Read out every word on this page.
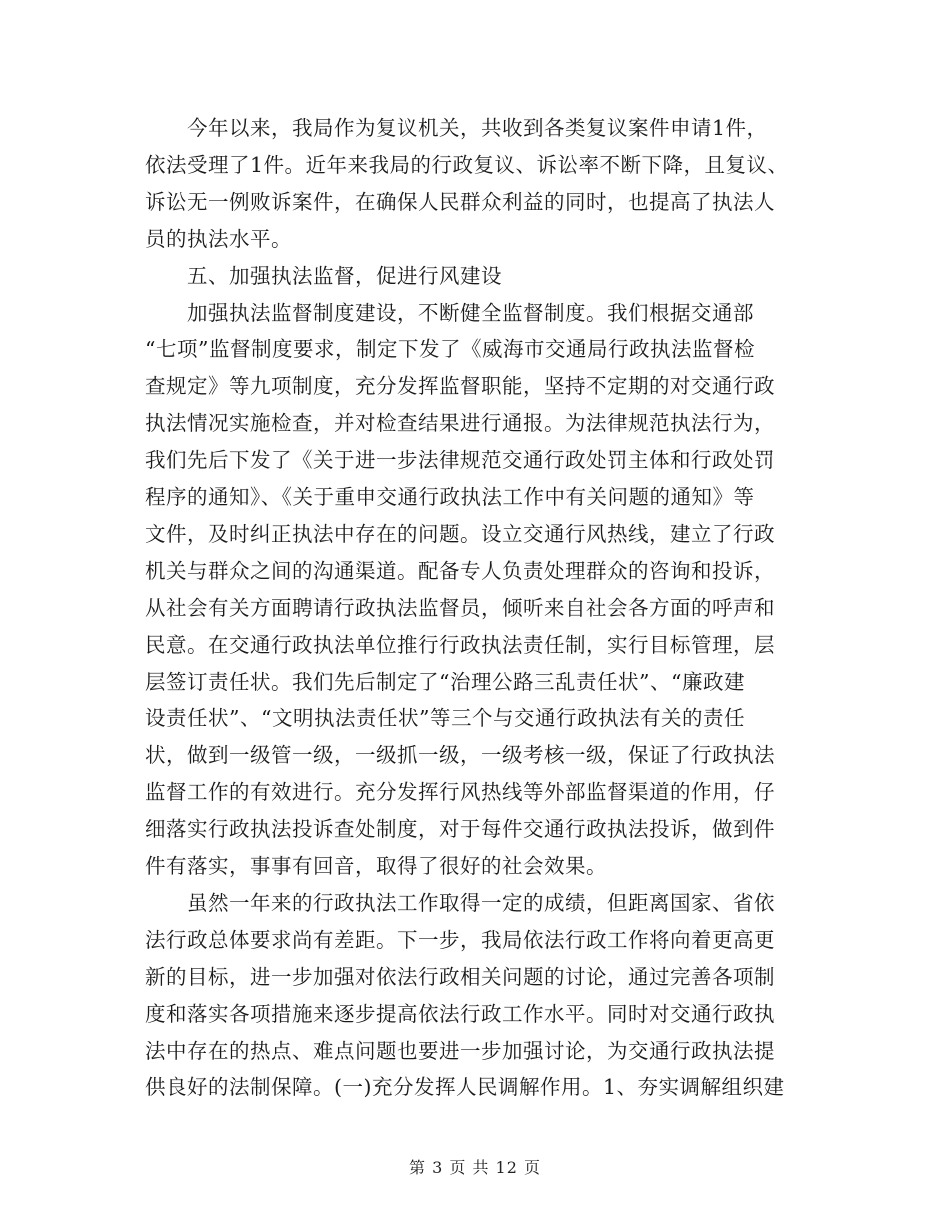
　　今年以来，我局作为复议机关，共收到各类复议案件申请1件，
依法受理了1件。近年来我局的行政复议、诉讼率不断下降，且复议、
诉讼无一例败诉案件，在确保人民群众利益的同时，也提高了执法人
员的执法水平。
　　五、加强执法监督，促进行风建设
　　加强执法监督制度建设，不断健全监督制度。我们根据交通部
“七项”监督制度要求，制定下发了《威海市交通局行政执法监督检
查规定》等九项制度，充分发挥监督职能，坚持不定期的对交通行政
执法情况实施检查，并对检查结果进行通报。为法律规范执法行为，
我们先后下发了《关于进一步法律规范交通行政处罚主体和行政处罚
程序的通知》、《关于重申交通行政执法工作中有关问题的通知》等
文件，及时纠正执法中存在的问题。设立交通行风热线，建立了行政
机关与群众之间的沟通渠道。配备专人负责处理群众的咨询和投诉，
从社会有关方面聘请行政执法监督员，倾听来自社会各方面的呼声和
民意。在交通行政执法单位推行行政执法责任制，实行目标管理，层
层签订责任状。我们先后制定了“治理公路三乱责任状”、“廉政建
设责任状”、“文明执法责任状”等三个与交通行政执法有关的责任
状，做到一级管一级，一级抓一级，一级考核一级，保证了行政执法
监督工作的有效进行。充分发挥行风热线等外部监督渠道的作用，仔
细落实行政执法投诉查处制度，对于每件交通行政执法投诉，做到件
件有落实，事事有回音，取得了很好的社会效果。
　　虽然一年来的行政执法工作取得一定的成绩，但距离国家、省依
法行政总体要求尚有差距。下一步，我局依法行政工作将向着更高更
新的目标，进一步加强对依法行政相关问题的讨论，通过完善各项制
度和落实各项措施来逐步提高依法行政工作水平。同时对交通行政执
法中存在的热点、难点问题也要进一步加强讨论，为交通行政执法提
供良好的法制保障。(一)充分发挥人民调解作用。1、夯实调解组织建
第 3 页 共 12 页
